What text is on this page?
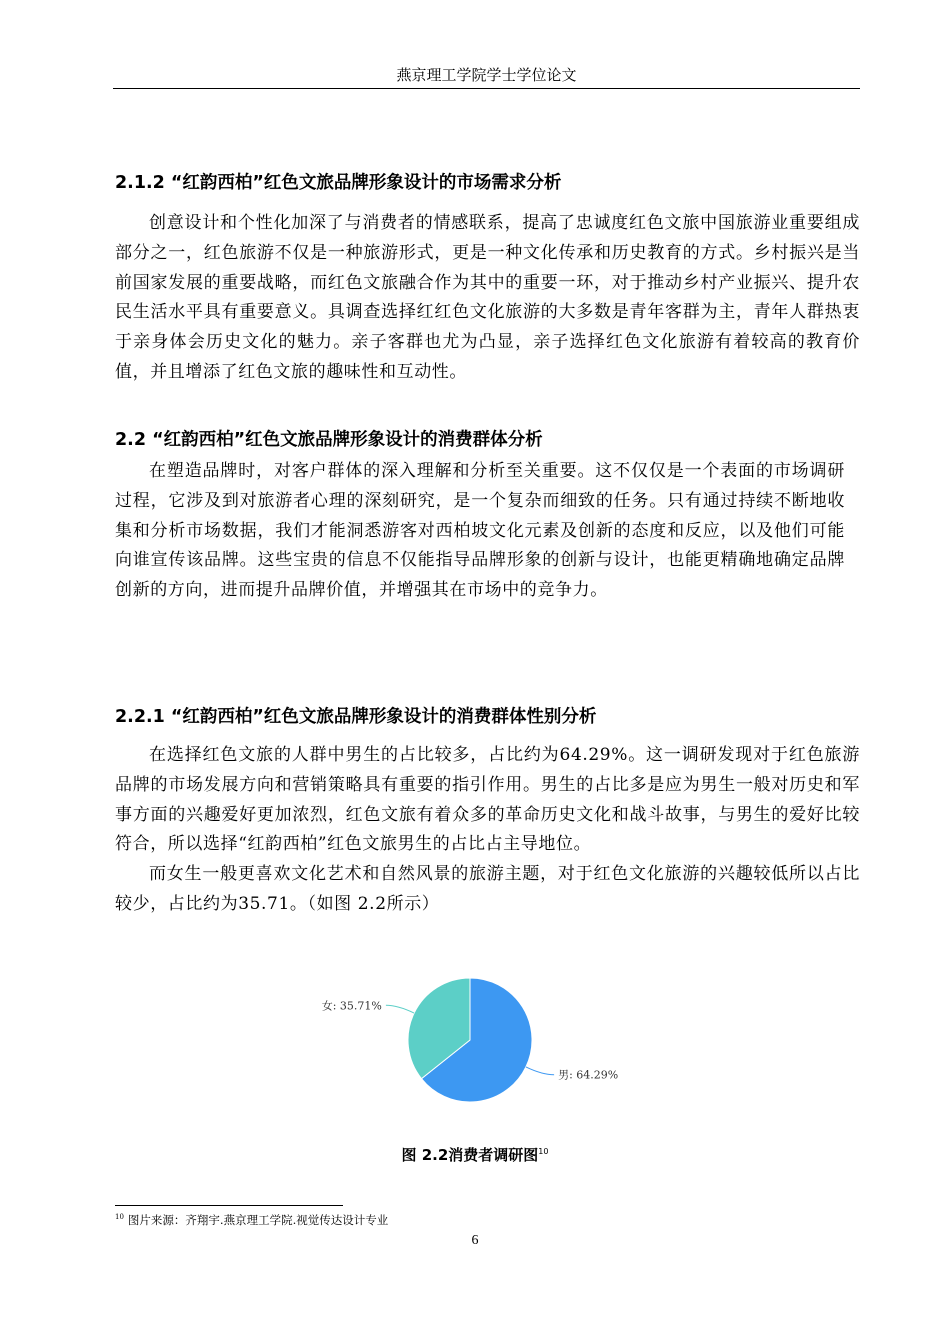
燕京理工学院学士学位论文
2.1.2 “红韵西柏”红色文旅品牌形象设计的市场需求分析

创意设计和个性化加深了与消费者的情感联系，提高了忠诚度红色文旅中国旅游业重要组成部分之一，红色旅游不仅是一种旅游形式，更是一种文化传承和历史教育的方式。乡村振兴是当前国家发展的重要战略，而红色文旅融合作为其中的重要一环，对于推动乡村产业振兴、提升农民生活水平具有重要意义。具调查选择红红色文化旅游的大多数是青年客群为主，青年人群热衷于亲身体会历史文化的魅力。亲子客群也尤为凸显，亲子选择红色文化旅游有着较高的教育价值，并且增添了红色文旅的趣味性和互动性。

2.2 “红韵西柏”红色文旅品牌形象设计的消费群体分析

在塑造品牌时，对客户群体的深入理解和分析至关重要。这不仅仅是一个表面的市场调研过程，它涉及到对旅游者心理的深刻研究，是一个复杂而细致的任务。只有通过持续不断地收集和分析市场数据，我们才能洞悉游客对西柏坡文化元素及创新的态度和反应，以及他们可能向谁宣传该品牌。这些宝贵的信息不仅能指导品牌形象的创新与设计，也能更精确地确定品牌创新的方向，进而提升品牌价值，并增强其在市场中的竞争力。

2.2.1 “红韵西柏”红色文旅品牌形象设计的消费群体性别分析

在选择红色文旅的人群中男生的占比较多，占比约为64.29%。这一调研发现对于红色旅游品牌的市场发展方向和营销策略具有重要的指引作用。男生的占比多是应为男生一般对历史和军事方面的兴趣爱好更加浓烈，红色文旅有着众多的革命历史文化和战斗故事，与男生的爱好比较符合，所以选择“红韵西柏”红色文旅男生的占比占主导地位。

而女生一般更喜欢文化艺术和自然风景的旅游主题，对于红色文化旅游的兴趣较低所以占比较少，占比约为35.71。（如图 2.2所示）

男: 64.29%
女: 35.71%
图 2.2消费者调研图$^{10}$
$^{10}$ 图片来源：齐翔宇.燕京理工学院.视觉传达设计专业
6
